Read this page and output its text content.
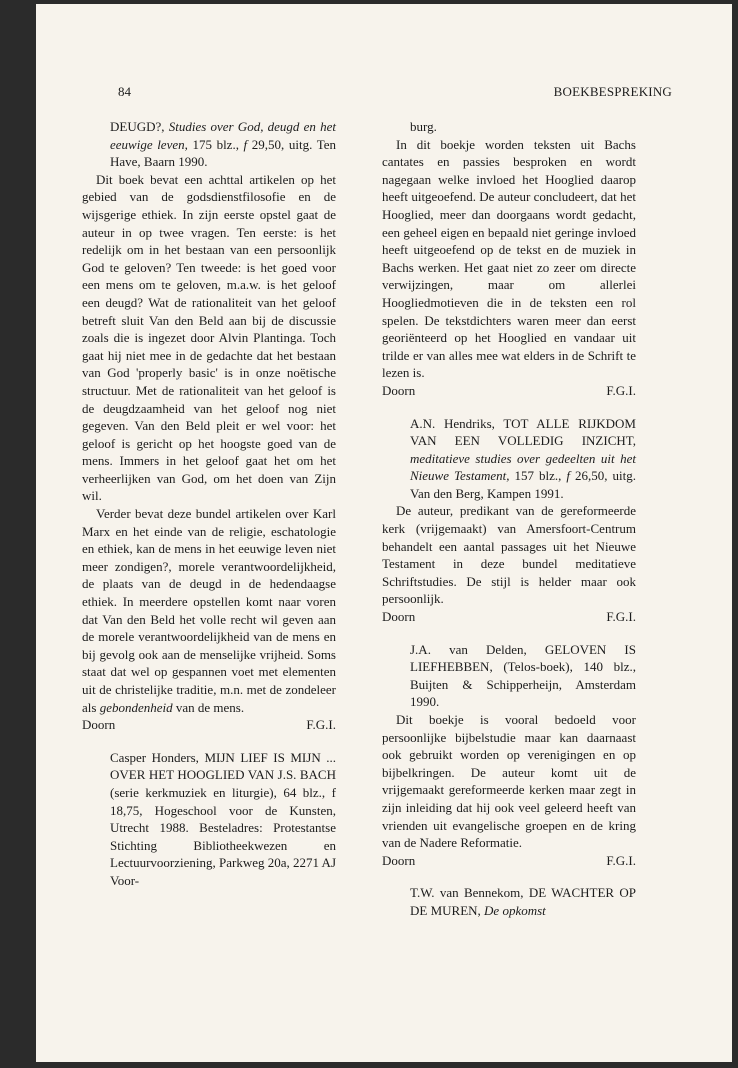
84	BOEKBESPREKING

DEUGD?, Studies over God, deugd en het eeuwige leven, 175 blz., f 29,50, uitg. Ten Have, Baarn 1990.

Dit boek bevat een achttal artikelen op het gebied van de godsdienstfilosofie en de wijsgerige ethiek. In zijn eerste opstel gaat de auteur in op twee vragen. Ten eerste: is het redelijk om in het bestaan van een persoonlijk God te geloven? Ten tweede: is het goed voor een mens om te geloven, m.a.w. is het geloof een deugd? Wat de rationaliteit van het geloof betreft sluit Van den Beld aan bij de discussie zoals die is ingezet door Alvin Plantinga. Toch gaat hij niet mee in de gedachte dat het bestaan van God 'properly basic' is in onze noëtische structuur. Met de rationaliteit van het geloof is de deugdzaamheid van het geloof nog niet gegeven. Van den Beld pleit er wel voor: het geloof is gericht op het hoogste goed van de mens. Immers in het geloof gaat het om het verheerlijken van God, om het doen van Zijn wil.

Verder bevat deze bundel artikelen over Karl Marx en het einde van de religie, eschatologie en ethiek, kan de mens in het eeuwige leven niet meer zondigen?, morele verantwoordelijkheid, de plaats van de deugd in de hedendaagse ethiek. In meerdere opstellen komt naar voren dat Van den Beld het volle recht wil geven aan de morele verantwoordelijkheid van de mens en bij gevolg ook aan de menselijke vrijheid. Soms staat dat wel op gespannen voet met elementen uit de christelijke traditie, m.n. met de zondeleer als gebondenheid van de mens.

Doorn	F.G.I.

Casper Honders, MIJN LIEF IS MIJN ... OVER HET HOOGLIED VAN J.S. BACH (serie kerkmuziek en liturgie), 64 blz., f 18,75, Hogeschool voor de Kunsten, Utrecht 1988. Besteladres: Protestantse Stichting Bibliotheekwezen en Lectuurvoorziening, Parkweg 20a, 2271 AJ Voor-

burg.

In dit boekje worden teksten uit Bachs cantates en passies besproken en wordt nagegaan welke invloed het Hooglied daarop heeft uitgeoefend. De auteur concludeert, dat het Hooglied, meer dan doorgaans wordt gedacht, een geheel eigen en bepaald niet geringe invloed heeft uitgeoefend op de tekst en de muziek in Bachs werken. Het gaat niet zo zeer om directe verwijzingen, maar om allerlei Hoogliedmotieven die in de teksten een rol spelen. De tekstdichters waren meer dan eerst georiënteerd op het Hooglied en vandaar uit trilde er van alles mee wat elders in de Schrift te lezen is.

Doorn	F.G.I.

A.N. Hendriks, TOT ALLE RIJKDOM VAN EEN VOLLEDIG INZICHT, meditatieve studies over gedeelten uit het Nieuwe Testament, 157 blz., f 26,50, uitg. Van den Berg, Kampen 1991.

De auteur, predikant van de gereformeerde kerk (vrijgemaakt) van Amersfoort-Centrum behandelt een aantal passages uit het Nieuwe Testament in deze bundel meditatieve Schriftstudies. De stijl is helder maar ook persoonlijk.

Doorn	F.G.I.

J.A. van Delden, GELOVEN IS LIEFHEBBEN, (Telos-boek), 140 blz., Buijten & Schipperheijn, Amsterdam 1990.

Dit boekje is vooral bedoeld voor persoonlijke bijbelstudie maar kan daarnaast ook gebruikt worden op verenigingen en op bijbelkringen. De auteur komt uit de vrijgemaakt gereformeerde kerken maar zegt in zijn inleiding dat hij ook veel geleerd heeft van vrienden uit evangelische groepen en de kring van de Nadere Reformatie.

Doorn	F.G.I.

T.W. van Bennekom, DE WACHTER OP DE MUREN, De opkomst
